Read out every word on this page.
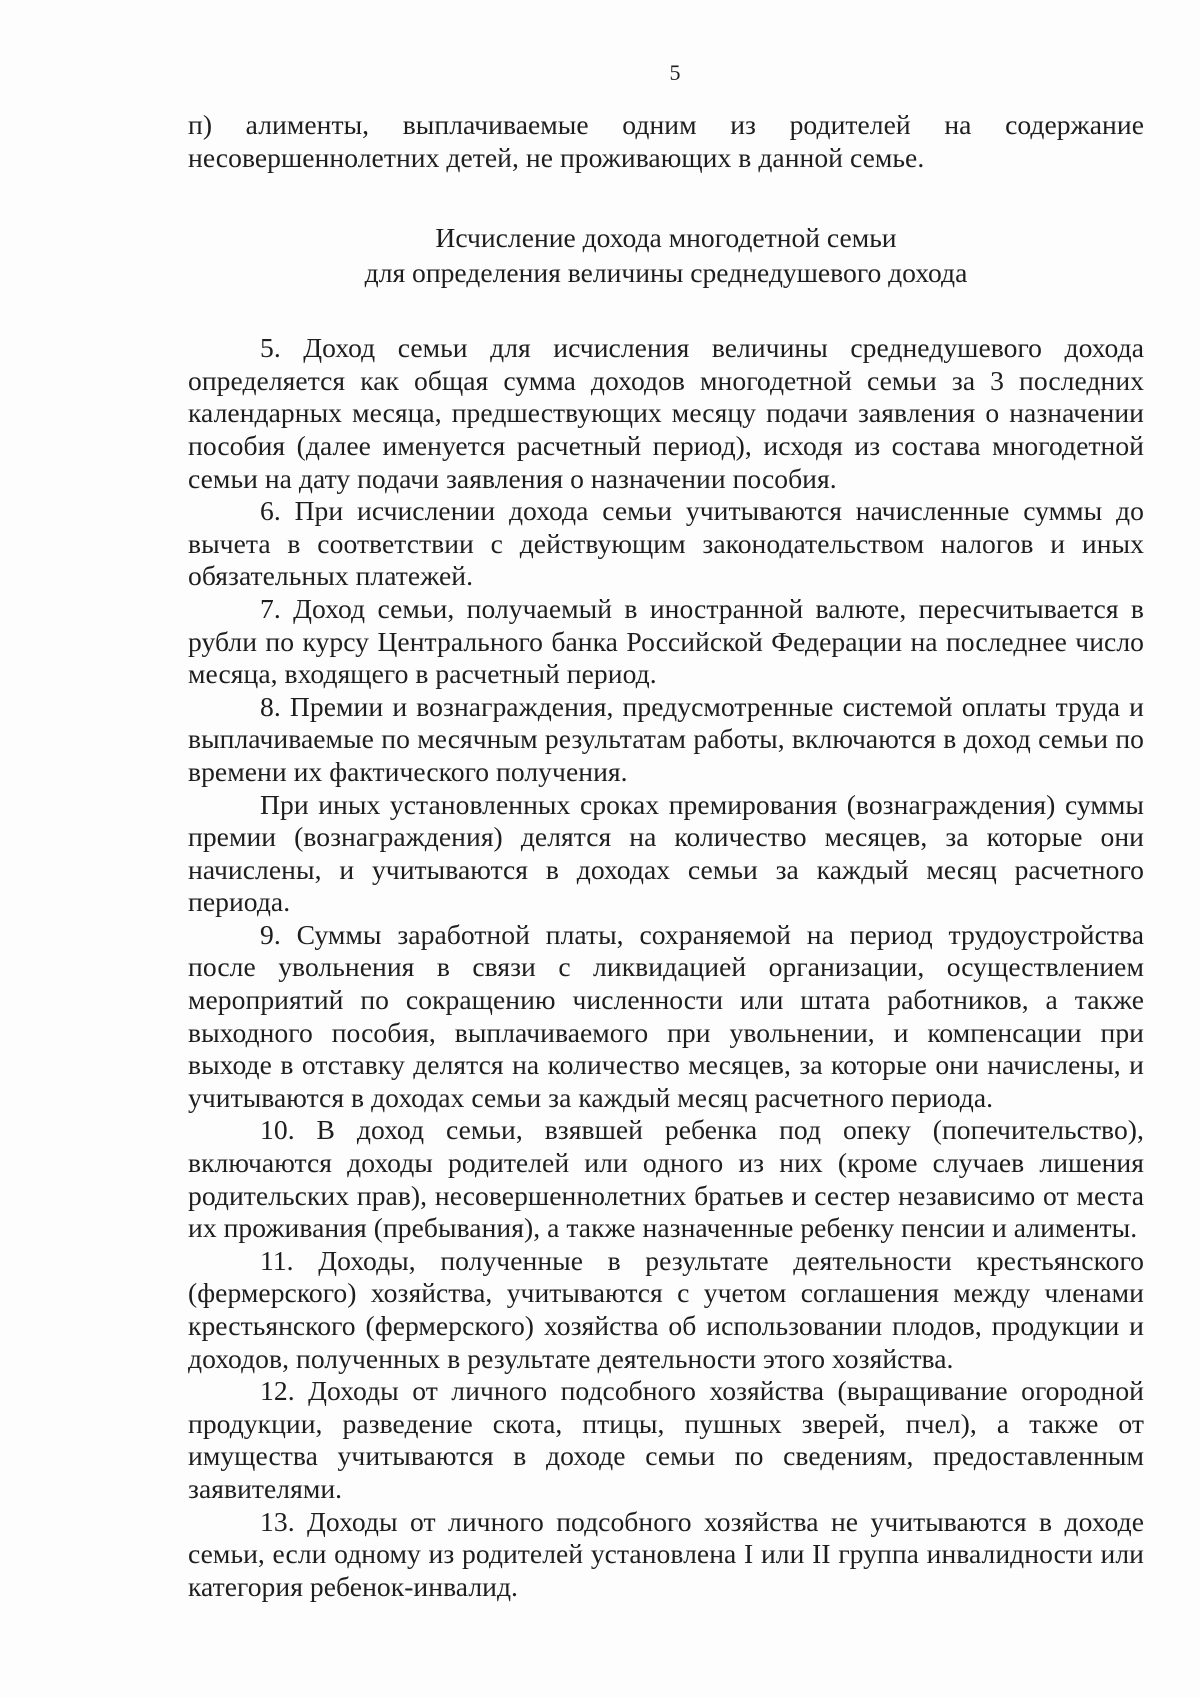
5

п) алименты, выплачиваемые одним из родителей на содержание несовершеннолетних детей, не проживающих в данной семье.

Исчисление дохода многодетной семьи
для определения величины среднедушевого дохода

5. Доход семьи для исчисления величины среднедушевого дохода определяется как общая сумма доходов многодетной семьи за 3 последних календарных месяца, предшествующих месяцу подачи заявления о назначении пособия (далее именуется расчетный период), исходя из состава многодетной семьи на дату подачи заявления о назначении пособия.

6. При исчислении дохода семьи учитываются начисленные суммы до вычета в соответствии с действующим законодательством налогов и иных обязательных платежей.

7. Доход семьи, получаемый в иностранной валюте, пересчитывается в рубли по курсу Центрального банка Российской Федерации на последнее число месяца, входящего в расчетный период.

8. Премии и вознаграждения, предусмотренные системой оплаты труда и выплачиваемые по месячным результатам работы, включаются в доход семьи по времени их фактического получения.

При иных установленных сроках премирования (вознаграждения) суммы премии (вознаграждения) делятся на количество месяцев, за которые они начислены, и учитываются в доходах семьи за каждый месяц расчетного периода.

9. Суммы заработной платы, сохраняемой на период трудоустройства после увольнения в связи с ликвидацией организации, осуществлением мероприятий по сокращению численности или штата работников, а также выходного пособия, выплачиваемого при увольнении, и компенсации при выходе в отставку делятся на количество месяцев, за которые они начислены, и учитываются в доходах семьи за каждый месяц расчетного периода.

10. В доход семьи, взявшей ребенка под опеку (попечительство), включаются доходы родителей или одного из них (кроме случаев лишения родительских прав), несовершеннолетних братьев и сестер независимо от места их проживания (пребывания), а также назначенные ребенку пенсии и алименты.

11. Доходы, полученные в результате деятельности крестьянского (фермерского) хозяйства, учитываются с учетом соглашения между членами крестьянского (фермерского) хозяйства об использовании плодов, продукции и доходов, полученных в результате деятельности этого хозяйства.

12. Доходы от личного подсобного хозяйства (выращивание огородной продукции, разведение скота, птицы, пушных зверей, пчел), а также от имущества учитываются в доходе семьи по сведениям, предоставленным заявителями.

13. Доходы от личного подсобного хозяйства не учитываются в доходе семьи, если одному из родителей установлена I или II группа инвалидности или категория ребенок-инвалид.
